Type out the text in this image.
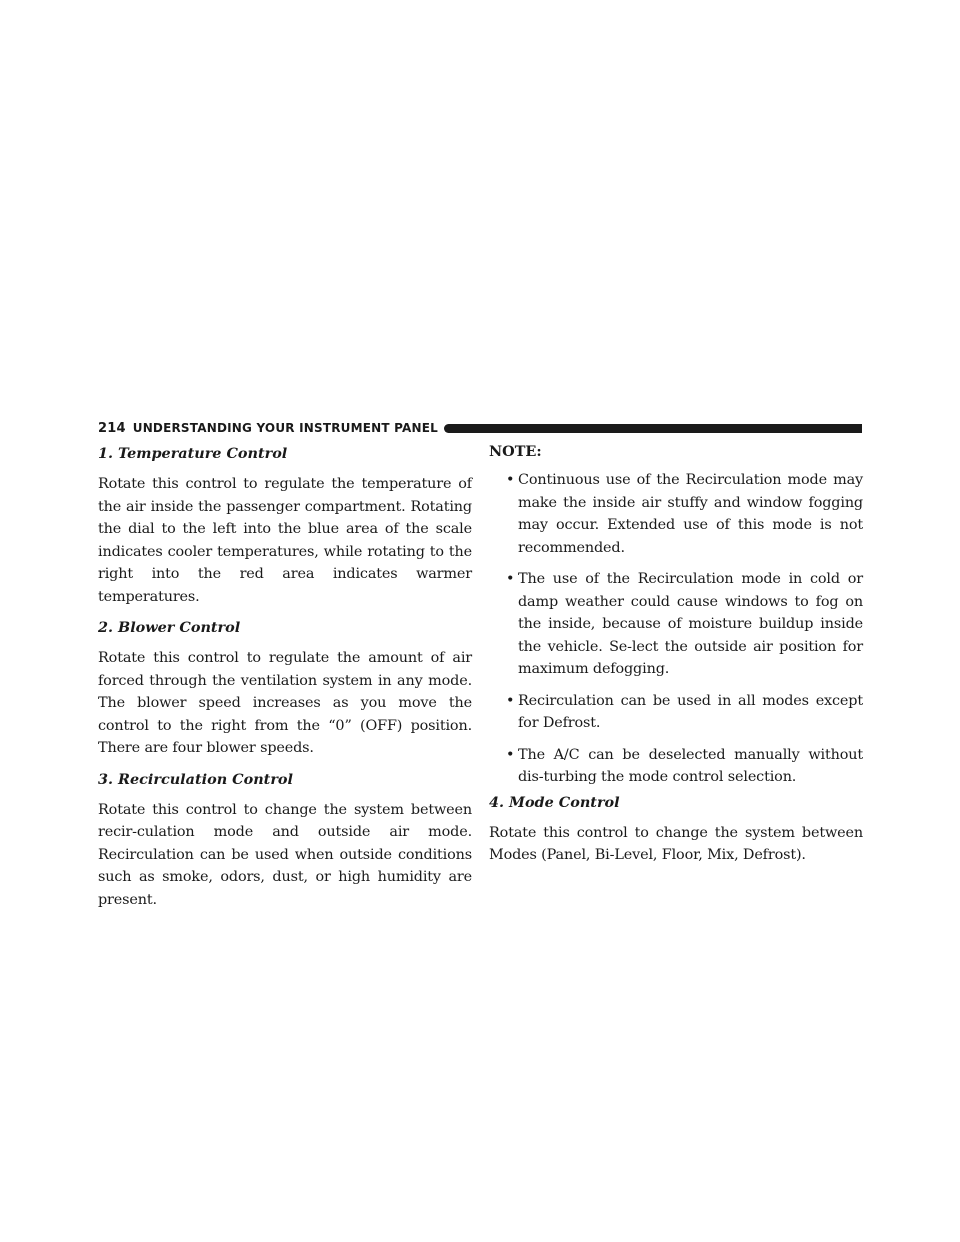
214 UNDERSTANDING YOUR INSTRUMENT PANEL
1. Temperature Control

Rotate this control to regulate the temperature of the air inside the passenger compartment. Rotating the dial to the left into the blue area of the scale indicates cooler temperatures, while rotating to the right into the red area indicates warmer temperatures.

2. Blower Control

Rotate this control to regulate the amount of air forced through the ventilation system in any mode. The blower speed increases as you move the control to the right from the “0” (OFF) position. There are four blower speeds.

3. Recirculation Control

Rotate this control to change the system between recir-culation mode and outside air mode. Recirculation can be used when outside conditions such as smoke, odors, dust, or high humidity are present.

NOTE:
• Continuous use of the Recirculation mode may make the inside air stuffy and window fogging may occur. Extended use of this mode is not recommended.
• The use of the Recirculation mode in cold or damp weather could cause windows to fog on the inside, because of moisture buildup inside the vehicle. Se-lect the outside air position for maximum defogging.
• Recirculation can be used in all modes except for Defrost.
• The A/C can be deselected manually without dis-turbing the mode control selection.
4. Mode Control

Rotate this control to change the system between Modes (Panel, Bi-Level, Floor, Mix, Defrost).
